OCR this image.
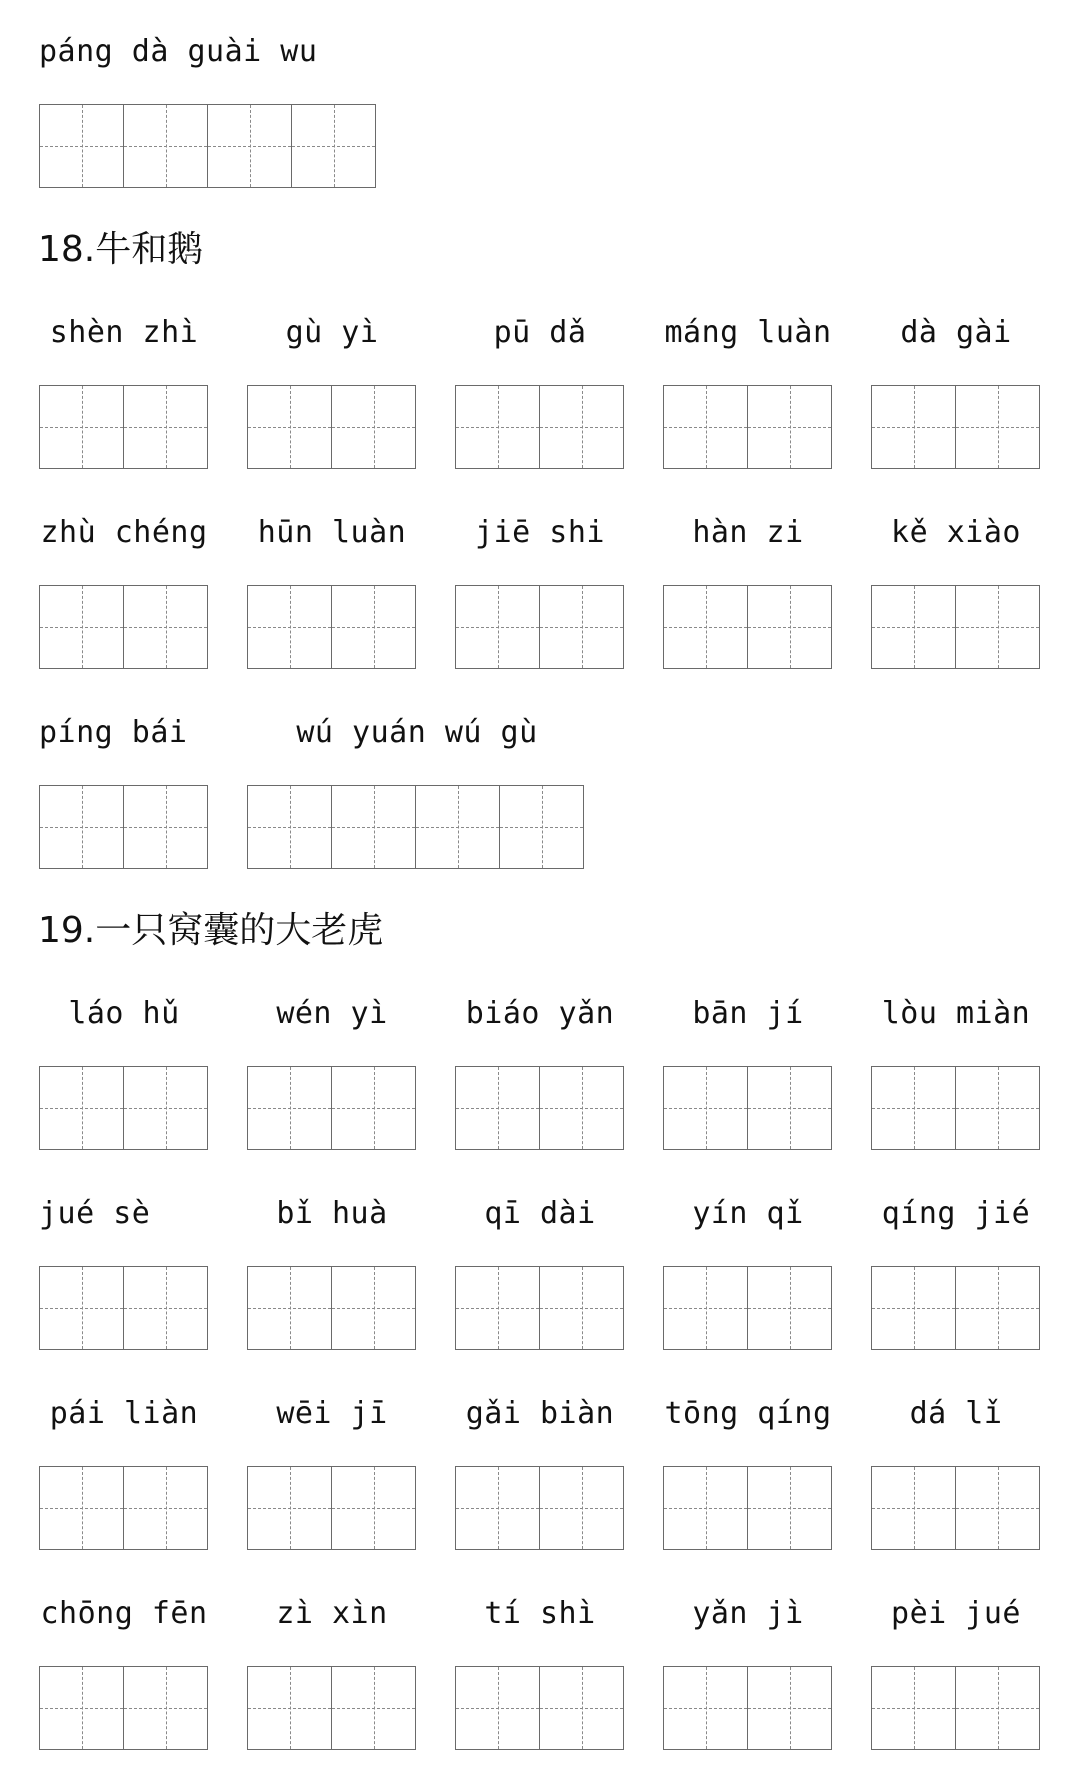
páng dà guài wu
18.牛和鹅
shèn zhì	gù yì	pū dǎ	máng luàn	dà gài
zhù chéng	hūn luàn	jiē shi	hàn zi	kě xiào
píng bái	wú yuán wú gù
19.一只窝囊的大老虎
láo hǔ	wén yì	biáo yǎn	bān jí	lòu miàn
jué sè	bǐ huà	qī dài	yín qǐ	qíng jié
pái liàn	wēi jī	gǎi biàn	tōng qíng	dá lǐ
chōng fēn	zì xìn	tí shì	yǎn jì	pèi jué
